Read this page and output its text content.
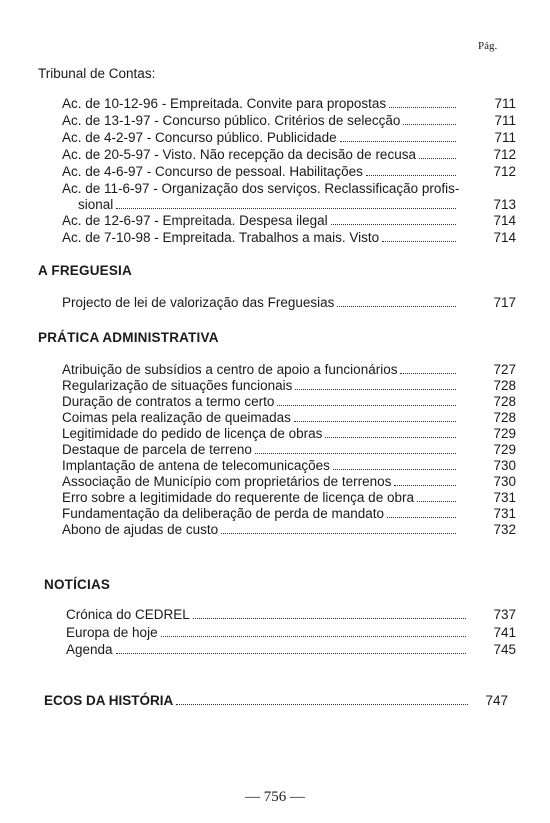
Pág.
Tribunal de Contas:
Ac. de 10-12-96 - Empreitada. Convite para propostas	711
Ac. de 13-1-97 - Concurso público. Critérios de selecção	711
Ac. de 4-2-97 - Concurso público. Publicidade	711
Ac. de 20-5-97 - Visto. Não recepção da decisão de recusa	712
Ac. de 4-6-97 - Concurso de pessoal. Habilitações	712
Ac. de 11-6-97 - Organização dos serviços. Reclassificação profis-
sional	713
Ac. de 12-6-97 - Empreitada. Despesa ilegal	714
Ac. de 7-10-98 - Empreitada. Trabalhos a mais. Visto	714
A FREGUESIA
Projecto de lei de valorização das Freguesias	717
PRÁTICA ADMINISTRATIVA
Atribuição de subsídios a centro de apoio a funcionários	727
Regularização de situações funcionais	728
Duração de contratos a termo certo	728
Coimas pela realização de queimadas	728
Legitimidade do pedido de licença de obras	729
Destaque de parcela de terreno	729
Implantação de antena de telecomunicações	730
Associação de Município com proprietários de terrenos	730
Erro sobre a legitimidade do requerente de licença de obra	731
Fundamentação da deliberação de perda de mandato	731
Abono de ajudas de custo	732
NOTÍCIAS
Crónica do CEDREL	737
Europa de hoje	741
Agenda	745
ECOS DA HISTÓRIA	747
— 756 —
